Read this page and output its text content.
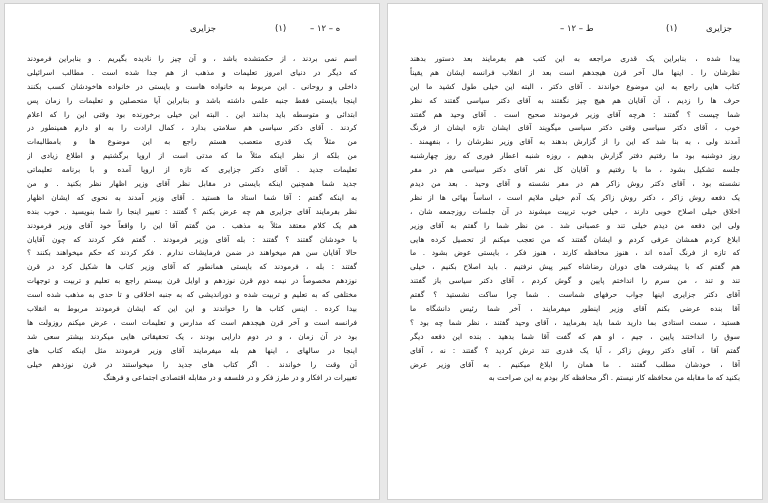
جزایری	(۱)	– ۱۲ – ه
اسم نمی بردند ، از حکمتشده باشد ، و آن چیز را نادیده بگیریم . و بنابراین فرمودند
که دیگر در دنیای امروز تعلیمات و مذهب از هم جدا شده است . مطالب اسرائیلی
داخلی و روحانی . این مربوط به خانواده هاست و بایستی در خانواده هاخودشان کسب بکنند
اینجا بایستی فقط جنبه علمی داشته باشد و بنابراین آیا متحصلین و تعلیمات را زمان پس
ابتدائی و متوسطه باید بدانند این . البته این خیلی برخورنده بود وقتی این را که اعلام
کردند . آقای دکتر سیاسی هم سلامتی بدارد ، کمال ارادت را به او دارم همینطور در
من مثلاً یک قدری متعصب هستم راجع به این موضوع ها و بامطالبه‌ات
من بلکه از نظر اینکه مثلاً ما که مدتی است از اروپا برگشتیم و اطلاع زیادی از
تعلیمات جدید . آقای دکتر جزایری که تازه از اروپا آمده و با برنامه تعلیماتی
جدید شما همچنین اینکه بایستی در مقابل نظر آقای وزیر اظهار نظر بکنید . و من
به اینکه گفتم : آقا شما استاد ما هستید . آقای وزیر آمدند به نحوی که ایشان اظهار
نظر بفرمایند آقای جزایری هم چه عرض بکنم ؟ گفتند : تغییر اینجا را شما بنویسید . خوب بنده
هم یک کلام معتقد مثلاً به مذهب . من گفتم آقا این را واقعاً خود آقای وزیر فرمودند
با خودشان گفتند ؟ گفتند : بله آقای وزیر فرمودند . گفتم فکر کردند که چون آقایان
حالا آقایان سن هم میخواهند در ضمن فرمایشات ندارم . فکر کردند که حکم میخواهند بکنند ؟
گفتند : بله ، فرمودند که بایستی همانطور که آقای وزیر کتاب ها شکیل کرد در قرن
نوزدهم مخصوصاً در نیمه دوم قرن نوزدهم و اوایل قرن بیستم راجع به تعلیم و تربیت و توجهات
مختلفی که به تعلیم و تربیت شده و دوراندیشی که به جنبه اخلاقی و تا حدی به مذهب شده است
بیدا کرده . اینس کتاب ها را خواندند و این این که ایشان فرمودند مربوط به انقلاب
فرانسه است و آخر قرن هیجدهم است که مدارس و تعلیمات است ، عرض میکنم روزولت ها
بود در آن زمان ، و در دوم دارایی بودند ، یک تحقیقاتی هایی میکردند بیشتر سعی شد
اینجا در سالهای ، اینها هم بله میفرمایند آقای وزیر فرمودند مثل اینکه کتاب های
آن وقت را خواندند . اگر کتاب های جدید را میخواستند در قرن نوزدهم خیلی
تغییرات در افکار و در طرز فکر و در فلسفه و در مقابله اقتصادی اجتماعی و فرهنگ
جزایری
(۱)
– ۱۲ – ط
پیدا شده ، بنابراین یک قدری مراجعه به این کتب هم بفرمایند بعد دستور بدهند
نظرشان را . اینها مال آخر قرن هیجدهم است بعد از انقلاب فرانسه ایشان هم یقیناً
کتاب هایی راجع به این موضوع خواندند . آقای دکتر ، البته این خیلی طول کشید ما این
حرف ها را زدیم ، آن آقایان هم هیچ چیز نگفتند به آقای دکتر سیاسی گفتند که نظر
شما چیست ؟ گفتند : هرچه آقای وزیر فرمودند صحیح است . آقای وحید هم گفتند
خوب ، آقای دکتر سیاسی وقتی دکتر سیاسی میگویند آقای ایشان تازه ایشان از فرنگ
آمدند ولی ، به بنا شد که این را از گزارش بدهند به آقای وزیر نظرشان را ، بنفهمند .
روز دوشنبه بود ما رفتیم دفتر گزارش بدهیم ، روزه شنبه اعطار فوری که روز چهارشنبه
جلسه تشکیل بشود ، ما با رفتیم و آقایان کل نفر آقای دکتر سیاسی هم در مفر
نشسته بود ، آقای دکتر روش زاکر هم در مفر نشسته و آقای وحید . بعد من دیدم
یک دفعه روش زاکر ، دکتر روش زاکر یک آدم خیلی ملایم است ، اساساً بهائی ها از نظر
اخلاق خیلی اصلاح خوبی دارند ، خیلی خوب تربیت میشوند در آن جلسات روزجمعه شان ،
ولی این دفعه من دیدم خیلی تند و عصبانی شد . من نظر شما را گفتم به آقای وزیر
ابلاغ کردم همشان عرفی کردم و ایشان گفتند که من تعجب میکنم از تحصیل کرده هایی
که تازه از فرنگ آمده اند ، هنوز محافظه کارند ، هنوز فکر ، بایستی عوض بشود . ما
هم گفتم که با پیشرفت های دوران رضاشاه کبیر پیش نرفتیم . باید اصلاح بکنیم ، خیلی
تند و تند ، من سرم را انداختم پایین و گوش کردم ، آقای دکتر سیاسی باز گفتند
آقای دکتر جزایری اینها جواب حرفهای شماست . شما چرا ساکت نشستید ؟ گفتم
آقا بنده عرضی بکنم آقای وزیر اینطور میفرمایند ، آخر شما رئیس دانشگاه ما
هستید ، سمت استادی بما دارید شما باید بفرمایید ، آقای وحید گفتند ، نظر شما چه بود ؟
سوق را انداختند پایین ، جیم ، او هم که گفت آقا شما بدهید . بنده این دفعه دیگر
گفتم آقا ، آقای دکتر روش زاکر ، آیا یک قدری تند ترش کردید ؟ گفتند : نه ، آقای
آقا ، خودشان مطلب گفتند . ما همان را ابلاغ میکنیم . به آقای وزیر عرض
بکنید که ما مقابله من محافظه کار نیستم . اگر محافظه کار بودم به این صراحت به
